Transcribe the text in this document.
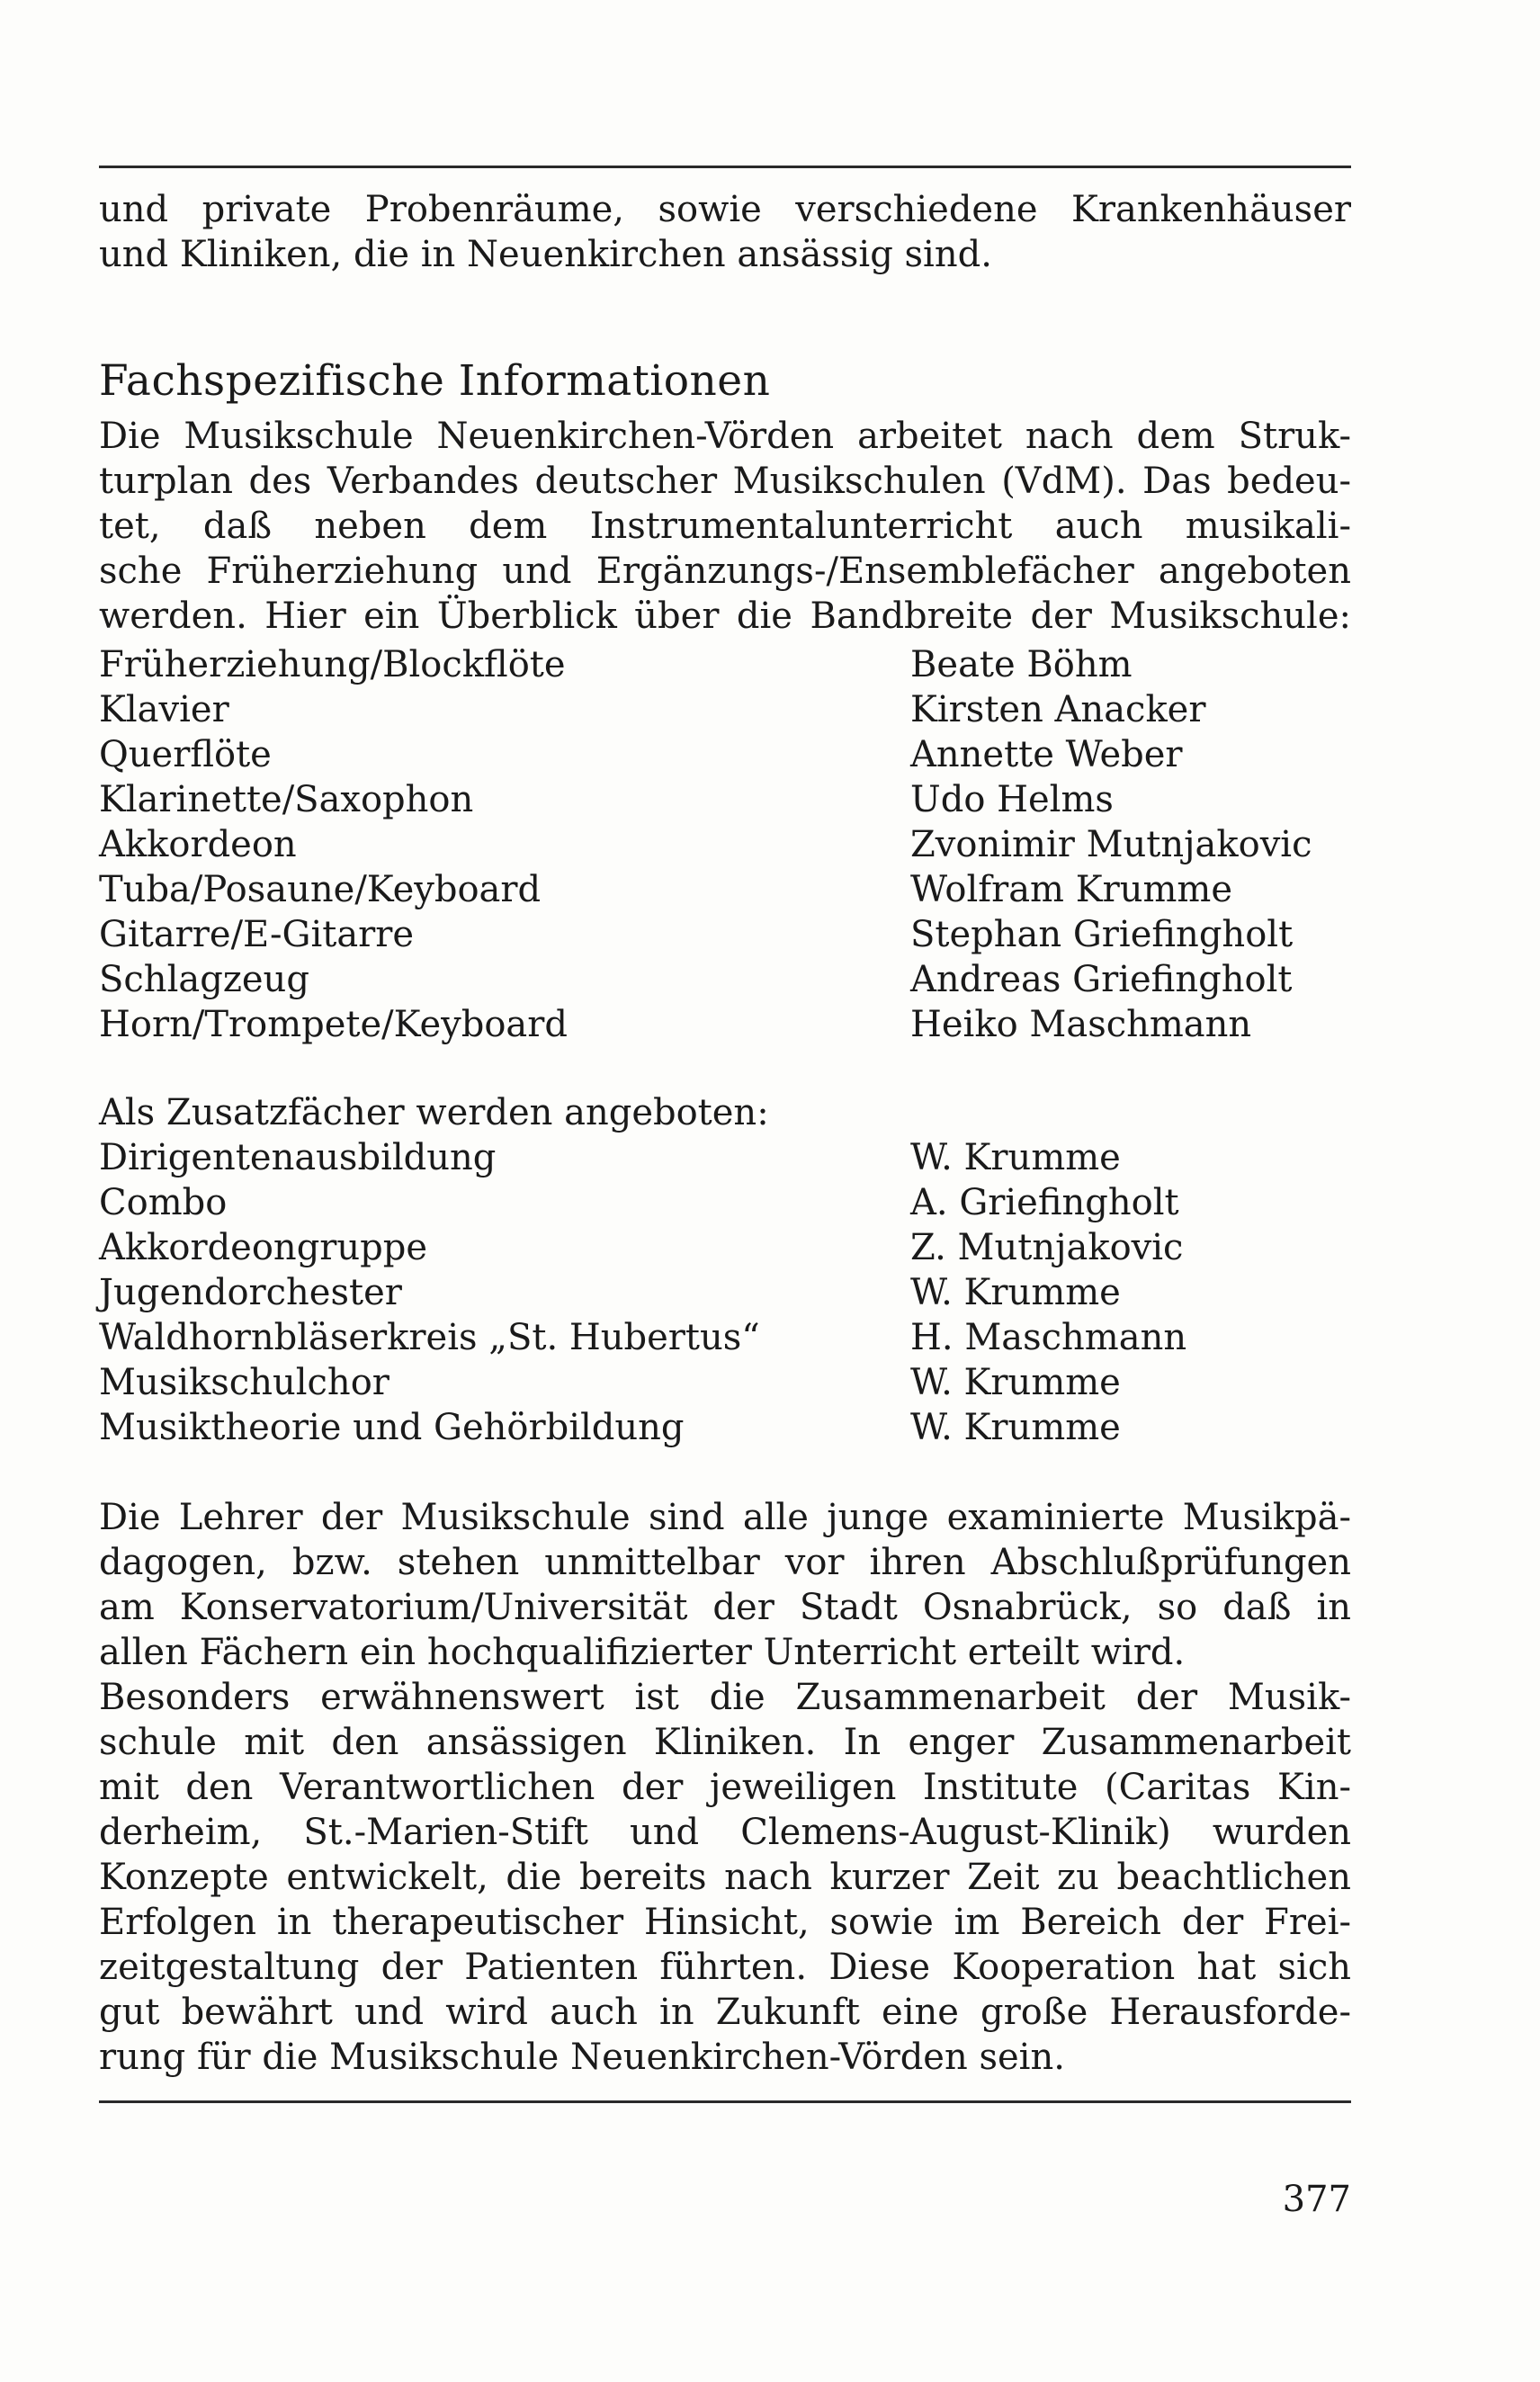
und private Probenräume, sowie verschiedene Krankenhäuser
und Kliniken, die in Neuenkirchen ansässig sind.
Fachspezifische Informationen
Die Musikschule Neuenkirchen-Vörden arbeitet nach dem Struk-
turplan des Verbandes deutscher Musikschulen (VdM). Das bedeu-
tet, daß neben dem Instrumentalunterricht auch musikali-
sche Früherziehung und Ergänzungs-/Ensemblefächer angeboten
werden. Hier ein Überblick über die Bandbreite der Musikschule:
Früherziehung/Blockflöte	Beate Böhm
Klavier	Kirsten Anacker
Querflöte	Annette Weber
Klarinette/Saxophon	Udo Helms
Akkordeon	Zvonimir Mutnjakovic
Tuba/Posaune/Keyboard	Wolfram Krumme
Gitarre/E-Gitarre	Stephan Griefingholt
Schlagzeug	Andreas Griefingholt
Horn/Trompete/Keyboard	Heiko Maschmann
Als Zusatzfächer werden angeboten:
Dirigentenausbildung	W. Krumme
Combo	A. Griefingholt
Akkordeongruppe	Z. Mutnjakovic
Jugendorchester	W. Krumme
Waldhornbläserkreis „St. Hubertus“	H. Maschmann
Musikschulchor	W. Krumme
Musiktheorie und Gehörbildung	W. Krumme
Die Lehrer der Musikschule sind alle junge examinierte Musikpä-
dagogen, bzw. stehen unmittelbar vor ihren Abschlußprüfungen
am Konservatorium/Universität der Stadt Osnabrück, so daß in
allen Fächern ein hochqualifizierter Unterricht erteilt wird.
Besonders erwähnenswert ist die Zusammenarbeit der Musik-
schule mit den ansässigen Kliniken. In enger Zusammenarbeit
mit den Verantwortlichen der jeweiligen Institute (Caritas Kin-
derheim, St.-Marien-Stift und Clemens-August-Klinik) wurden
Konzepte entwickelt, die bereits nach kurzer Zeit zu beachtlichen
Erfolgen in therapeutischer Hinsicht, sowie im Bereich der Frei-
zeitgestaltung der Patienten führten. Diese Kooperation hat sich
gut bewährt und wird auch in Zukunft eine große Herausforde-
rung für die Musikschule Neuenkirchen-Vörden sein.
377
